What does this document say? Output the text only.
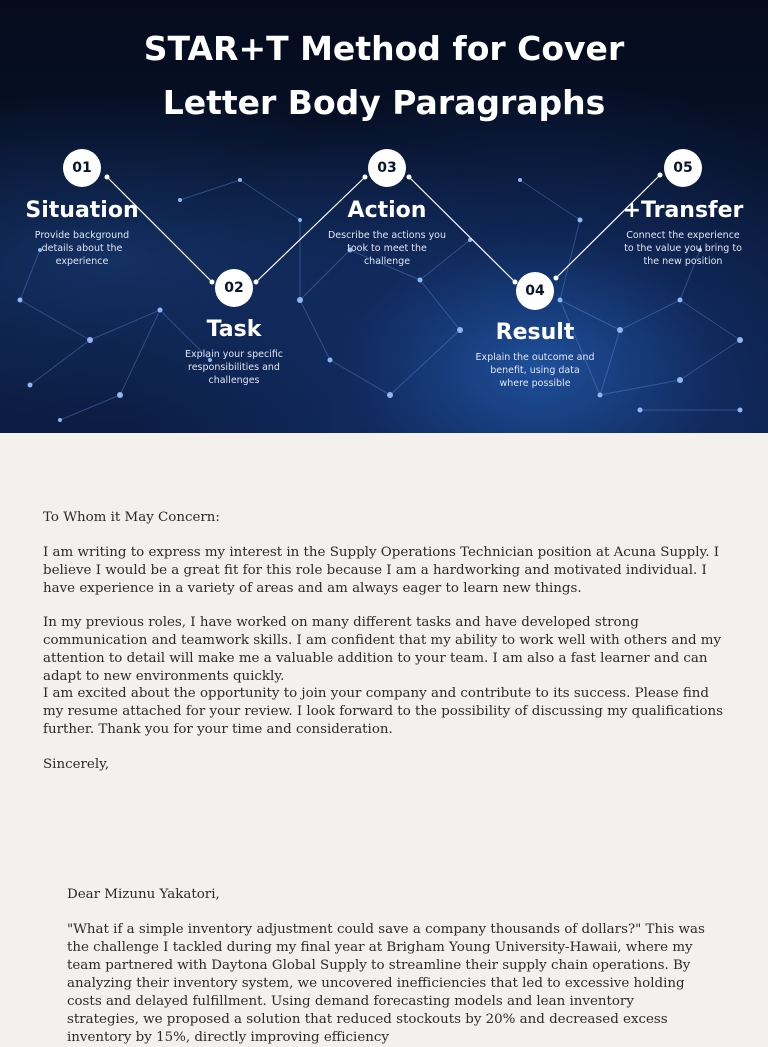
STAR+T Method for Cover
Letter Body Paragraphs
01
Situation
Provide background details about the experience
02
Task
Explain your specific responsibilities and challenges
03
Action
Describe the actions you took to meet the challenge
04
Result
Explain the outcome and benefit, using data where possible
05
+Transfer
Connect the experience to the value you bring to the new position

To Whom it May Concern:

I am writing to express my interest in the Supply Operations Technician position at Acuna Supply. I believe I would be a great fit for this role because I am a hardworking and motivated individual. I have experience in a variety of areas and am always eager to learn new things.

In my previous roles, I have worked on many different tasks and have developed strong communication and teamwork skills. I am confident that my ability to work well with others and my attention to detail will make me a valuable addition to your team. I am also a fast learner and can adapt to new environments quickly.

I am excited about the opportunity to join your company and contribute to its success. Please find my resume attached for your review. I look forward to the possibility of discussing my qualifications further. Thank you for your time and consideration.

Sincerely,

Dear Mizunu Yakatori,

"What if a simple inventory adjustment could save a company thousands of dollars?" This was the challenge I tackled during my final year at Brigham Young University-Hawaii, where my team partnered with Daytona Global Supply to streamline their supply chain operations. By analyzing their inventory system, we uncovered inefficiencies that led to excessive holding costs and delayed fulfillment. Using demand forecasting models and lean inventory strategies, we proposed a solution that reduced stockouts by 20% and decreased excess inventory by 15%, directly improving efficiency
